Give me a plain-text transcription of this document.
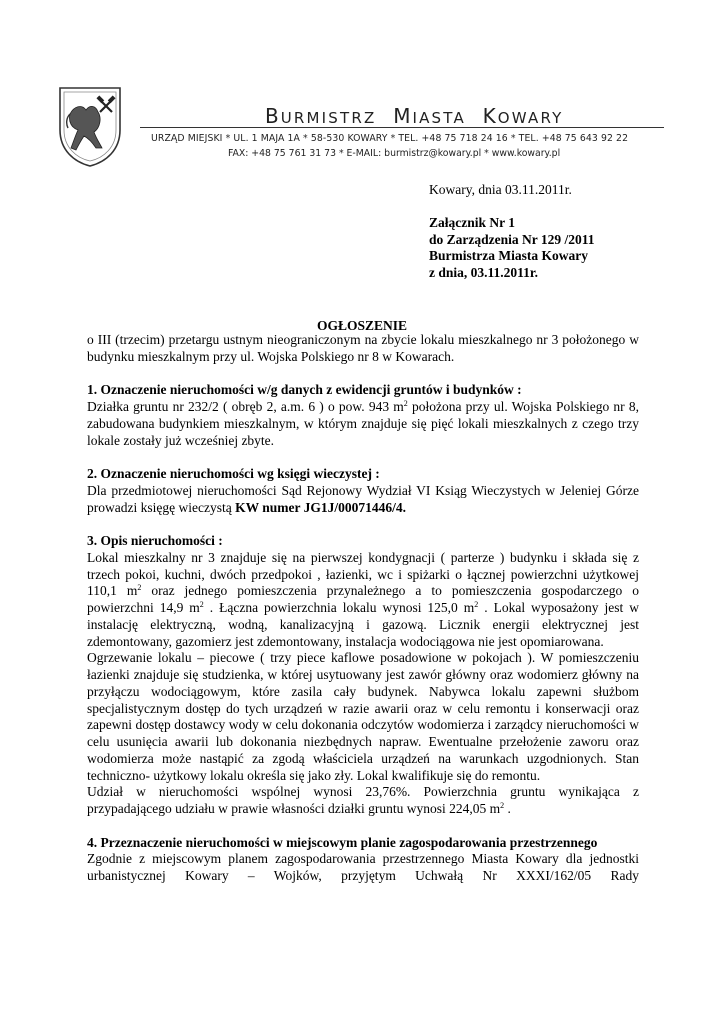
BURMISTRZ MIASTA KOWARY
URZĄD MIEJSKI * UL. 1 MAJA 1A * 58-530 KOWARY * TEL. +48 75 718 24 16 * TEL. +48 75 643 92 22
FAX: +48 75 761 31 73 * E-MAIL: burmistrz@kowary.pl * www.kowary.pl
Kowary, dnia 03.11.2011r.
Załącznik Nr 1
do Zarządzenia Nr 129 /2011
Burmistrza Miasta Kowary
z dnia, 03.11.2011r.
OGŁOSZENIE

o III (trzecim) przetargu ustnym nieograniczonym na zbycie lokalu mieszkalnego nr 3 położonego w budynku mieszkalnym przy ul. Wojska Polskiego nr 8 w Kowarach.

1. Oznaczenie nieruchomości w/g danych z ewidencji gruntów i budynków :

Działka gruntu nr 232/2 ( obręb 2, a.m. 6 ) o pow. 943 $m^2$ położona przy ul. Wojska Polskiego nr 8, zabudowana budynkiem mieszkalnym, w którym znajduje się pięć lokali mieszkalnych z czego trzy lokale zostały już wcześniej zbyte.

2. Oznaczenie nieruchomości wg księgi wieczystej :

Dla przedmiotowej nieruchomości Sąd Rejonowy Wydział VI Ksiąg Wieczystych w Jeleniej Górze prowadzi księgę wieczystą KW numer JG1J/00071446/4.

3. Opis nieruchomości :

Lokal mieszkalny nr 3 znajduje się na pierwszej kondygnacji ( parterze ) budynku i składa się z trzech pokoi, kuchni, dwóch przedpokoi , łazienki, wc i spiżarki o łącznej powierzchni użytkowej 110,1 $m^2$ oraz jednego pomieszczenia przynależnego a to pomieszczenia gospodarczego o powierzchni 14,9 $m^2$ . Łączna powierzchnia lokalu wynosi 125,0 $m^2$ . Lokal wyposażony jest w instalację elektryczną, wodną, kanalizacyjną i gazową. Licznik energii elektrycznej jest zdemontowany, gazomierz jest zdemontowany, instalacja wodociągowa nie jest opomiarowana.

Ogrzewanie lokalu – piecowe ( trzy piece kaflowe posadowione w pokojach ). W pomieszczeniu łazienki znajduje się studzienka, w której usytuowany jest zawór główny oraz wodomierz główny na przyłączu wodociągowym, które zasila cały budynek. Nabywca lokalu zapewni służbom specjalistycznym dostęp do tych urządzeń w razie awarii oraz w celu remontu i konserwacji oraz zapewni dostęp dostawcy wody w celu dokonania odczytów wodomierza i zarządcy nieruchomości w celu usunięcia awarii lub dokonania niezbędnych napraw. Ewentualne przełożenie zaworu oraz wodomierza może nastąpić za zgodą właściciela urządzeń na warunkach uzgodnionych. Stan techniczno- użytkowy lokalu określa się jako zły. Lokal kwalifikuje się do remontu.

Udział w nieruchomości wspólnej wynosi 23,76%. Powierzchnia gruntu wynikająca z przypadającego udziału w prawie własności działki gruntu wynosi 224,05 $m^2$ .

4. Przeznaczenie nieruchomości w miejscowym planie zagospodarowania przestrzennego

Zgodnie z miejscowym planem zagospodarowania przestrzennego Miasta Kowary dla jednostki urbanistycznej Kowary – Wojków, przyjętym Uchwałą Nr XXXI/162/05 Rady
